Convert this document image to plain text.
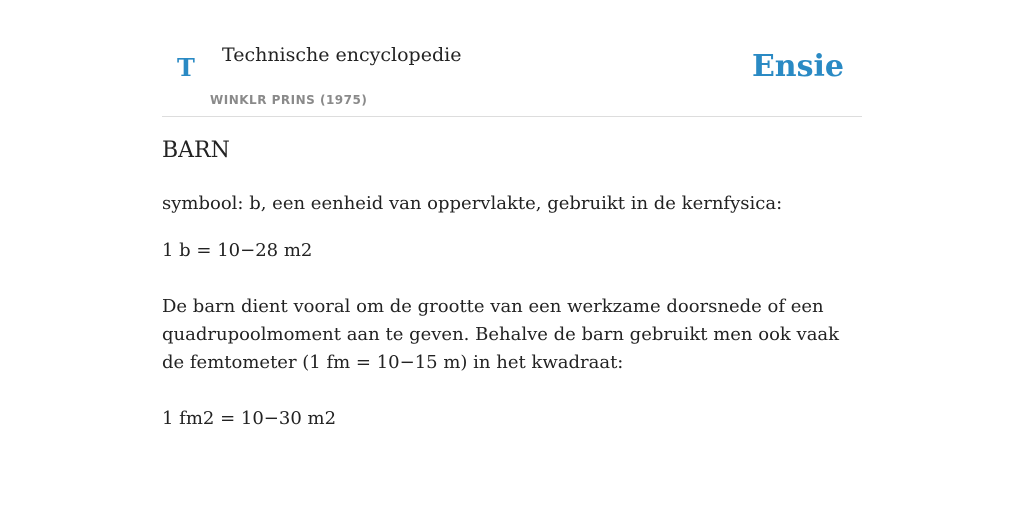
T Technische encyclopedie
WINKLR PRINS (1975)
Ensie
BARN

symbool: b, een eenheid van oppervlakte, gebruikt in de kernfysica:

1 b = 10−28 m2

De barn dient vooral om de grootte van een werkzame doorsnede of een quadrupoolmoment aan te geven. Behalve de barn gebruikt men ook vaak de femtometer (1 fm = 10−15 m) in het kwadraat:

1 fm2 = 10−30 m2
